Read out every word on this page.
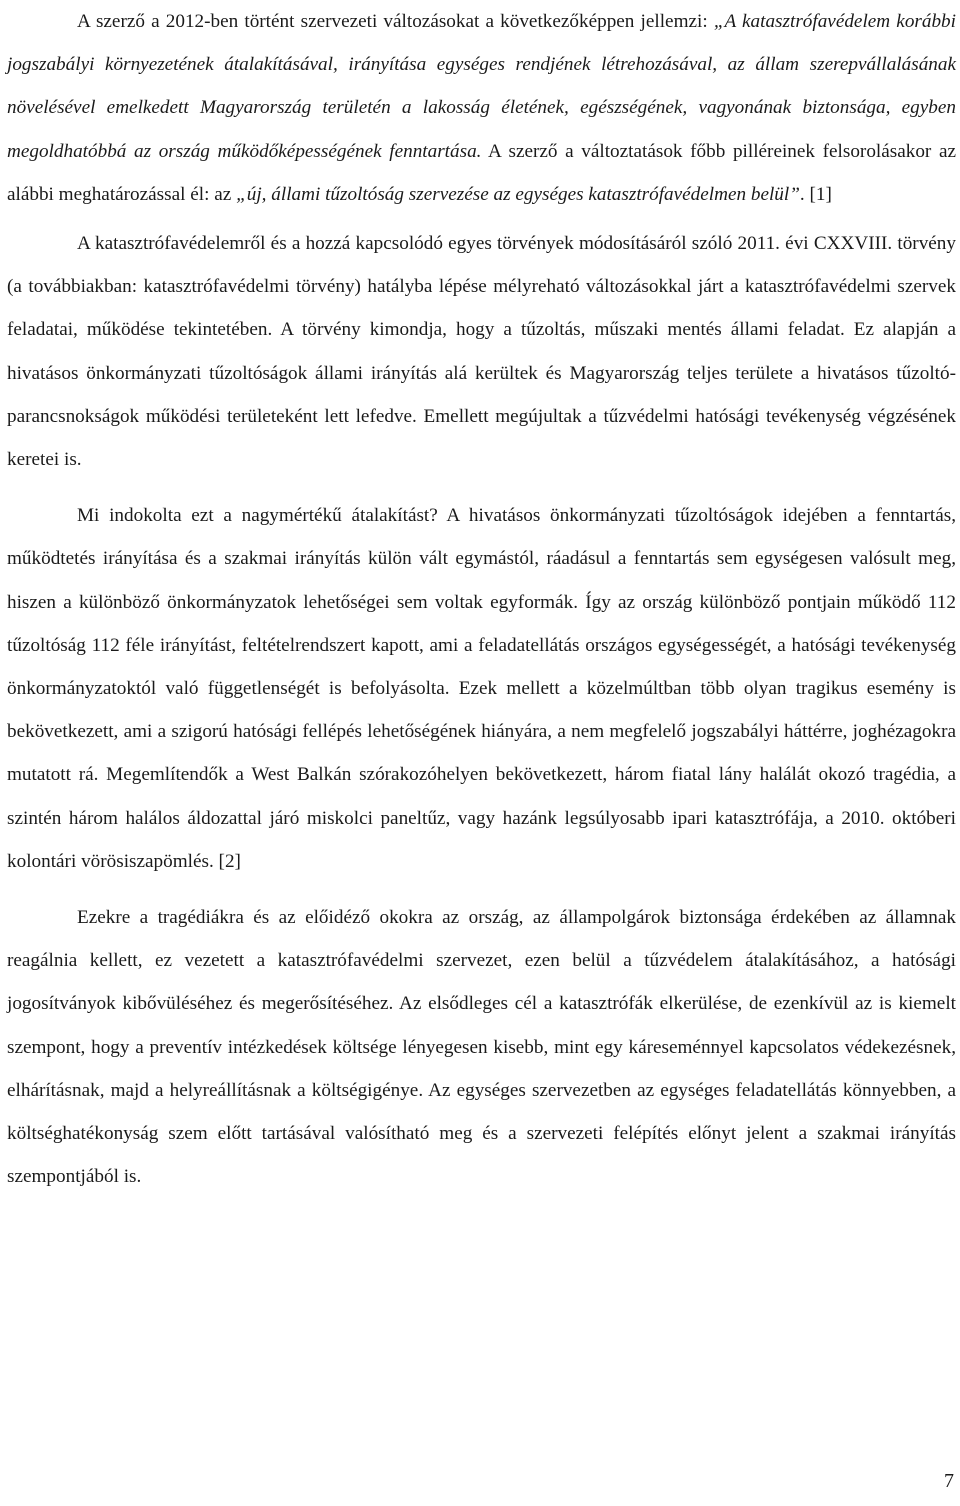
A szerző a 2012-ben történt szervezeti változásokat a következőképpen jellemzi: „A katasztrófavédelem korábbi jogszabályi környezetének átalakításával, irányítása egységes rendjének létrehozásával, az állam szerepvállalásának növelésével emelkedett Magyarország területén a lakosság életének, egészségének, vagyonának biztonsága, egyben megoldhatóbbá az ország működőképességének fenntartása. A szerző a változtatások főbb pilléreinek felsorolásakor az alábbi meghatározással él: az „új, állami tűzoltóság szervezése az egységes katasztrófavédelmen belül”. [1]

A katasztrófavédelemről és a hozzá kapcsolódó egyes törvények módosításáról szóló 2011. évi CXXVIII. törvény (a továbbiakban: katasztrófavédelmi törvény) hatályba lépése mélyreható változásokkal járt a katasztrófavédelmi szervek feladatai, működése tekintetében. A törvény kimondja, hogy a tűzoltás, műszaki mentés állami feladat. Ez alapján a hivatásos önkormányzati tűzoltóságok állami irányítás alá kerültek és Magyarország teljes területe a hivatásos tűzoltó-parancsnokságok működési területeként lett lefedve. Emellett megújultak a tűzvédelmi hatósági tevékenység végzésének keretei is.

Mi indokolta ezt a nagymértékű átalakítást? A hivatásos önkormányzati tűzoltóságok idejében a fenntartás, működtetés irányítása és a szakmai irányítás külön vált egymástól, ráadásul a fenntartás sem egységesen valósult meg, hiszen a különböző önkormányzatok lehetőségei sem voltak egyformák. Így az ország különböző pontjain működő 112 tűzoltóság 112 féle irányítást, feltételrendszert kapott, ami a feladatellátás országos egységességét, a hatósági tevékenység önkormányzatoktól való függetlenségét is befolyásolta. Ezek mellett a közelmúltban több olyan tragikus esemény is bekövetkezett, ami a szigorú hatósági fellépés lehetőségének hiányára, a nem megfelelő jogszabályi háttérre, joghézagokra mutatott rá. Megemlítendők a West Balkán szórakozóhelyen bekövetkezett, három fiatal lány halálát okozó tragédia, a szintén három halálos áldozattal járó miskolci paneltűz, vagy hazánk legsúlyosabb ipari katasztrófája, a 2010. októberi kolontári vörösiszapömlés. [2]

Ezekre a tragédiákra és az előidéző okokra az ország, az állampolgárok biztonsága érdekében az államnak reagálnia kellett, ez vezetett a katasztrófavédelmi szervezet, ezen belül a tűzvédelem átalakításához, a hatósági jogosítványok kibővüléséhez és megerősítéséhez. Az elsődleges cél a katasztrófák elkerülése, de ezenkívül az is kiemelt szempont, hogy a preventív intézkedések költsége lényegesen kisebb, mint egy káreseménnyel kapcsolatos védekezésnek, elhárításnak, majd a helyreállításnak a költségigénye. Az egységes szervezetben az egységes feladatellátás könnyebben, a költséghatékonyság szem előtt tartásával valósítható meg és a szervezeti felépítés előnyt jelent a szakmai irányítás szempontjából is.

7
